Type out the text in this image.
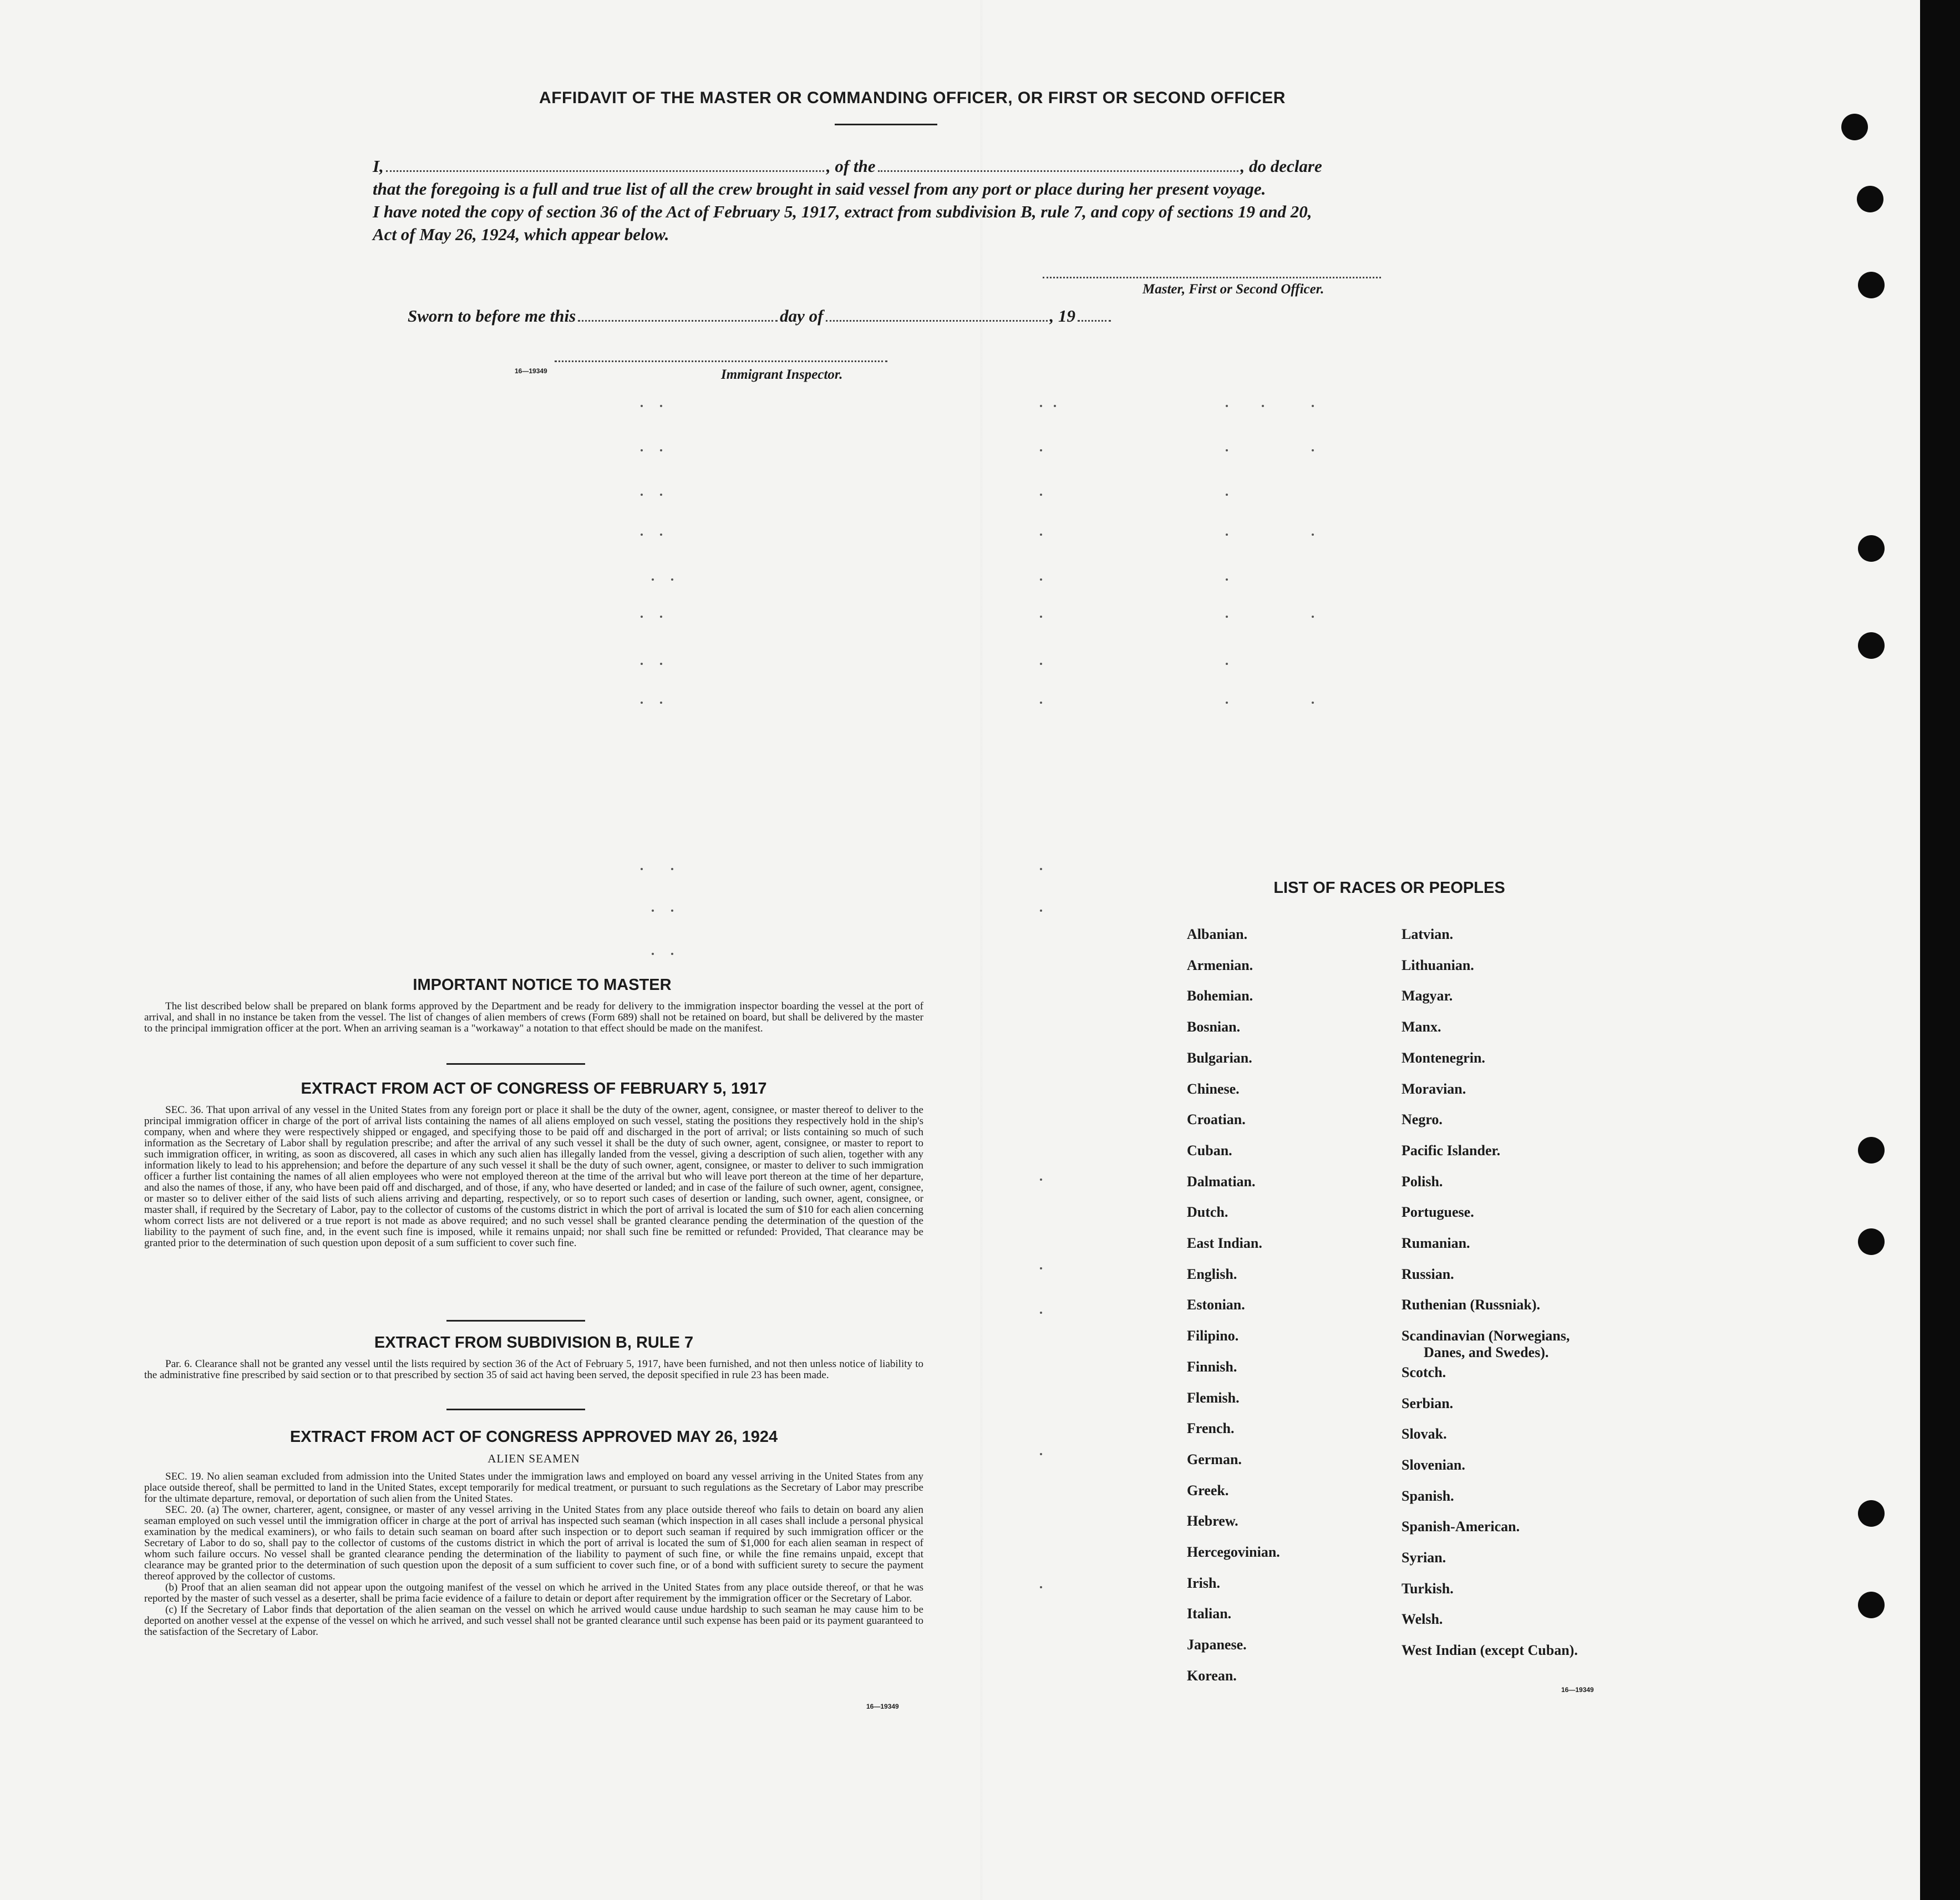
AFFIDAVIT OF THE MASTER OR COMMANDING OFFICER, OR FIRST OR SECOND OFFICER
I,	, of the	, do declare
that the foregoing is a full and true list of all the crew brought in said vessel from any port or place during her present voyage.
I have noted the copy of section 36 of the Act of February 5, 1917, extract from subdivision B, rule 7, and copy of sections 19 and 20,
Act of May 26, 1924, which appear below.
Master, First or Second Officer.
Sworn to before me this	day of	, 19
16—19349	Immigrant Inspector.
IMPORTANT NOTICE TO MASTER
The list described below shall be prepared on blank forms approved by the Department and be ready for delivery to the immigration inspector boarding the vessel at the port of arrival, and shall in no instance be taken from the vessel. The list of changes of alien members of crews (Form 689) shall not be retained on board, but shall be delivered by the master to the principal immigration officer at the port. When an arriving seaman is a "workaway" a notation to that effect should be made on the manifest.
EXTRACT FROM ACT OF CONGRESS OF FEBRUARY 5, 1917
SEC. 36. That upon arrival of any vessel in the United States from any foreign port or place it shall be the duty of the owner, agent, consignee, or master thereof to deliver to the principal immigration officer in charge of the port of arrival lists containing the names of all aliens employed on such vessel, stating the positions they respectively hold in the ship's company, when and where they were respectively shipped or engaged, and specifying those to be paid off and discharged in the port of arrival; or lists containing so much of such information as the Secretary of Labor shall by regulation prescribe; and after the arrival of any such vessel it shall be the duty of such owner, agent, consignee, or master to report to such immigration officer, in writing, as soon as discovered, all cases in which any such alien has illegally landed from the vessel, giving a description of such alien, together with any information likely to lead to his apprehension; and before the departure of any such vessel it shall be the duty of such owner, agent, consignee, or master to deliver to such immigration officer a further list containing the names of all alien employees who were not employed thereon at the time of the arrival but who will leave port thereon at the time of her departure, and also the names of those, if any, who have been paid off and discharged, and of those, if any, who have deserted or landed; and in case of the failure of such owner, agent, consignee, or master so to deliver either of the said lists of such aliens arriving and departing, respectively, or so to report such cases of desertion or landing, such owner, agent, consignee, or master shall, if required by the Secretary of Labor, pay to the collector of customs of the customs district in which the port of arrival is located the sum of $10 for each alien concerning whom correct lists are not delivered or a true report is not made as above required; and no such vessel shall be granted clearance pending the determination of the question of the liability to the payment of such fine, and, in the event such fine is imposed, while it remains unpaid; nor shall such fine be remitted or refunded: Provided, That clearance may be granted prior to the determination of such question upon deposit of a sum sufficient to cover such fine.
EXTRACT FROM SUBDIVISION B, RULE 7
Par. 6. Clearance shall not be granted any vessel until the lists required by section 36 of the Act of February 5, 1917, have been furnished, and not then unless notice of liability to the administrative fine prescribed by said section or to that prescribed by section 35 of said act having been served, the deposit specified in rule 23 has been made.
EXTRACT FROM ACT OF CONGRESS APPROVED MAY 26, 1924
ALIEN SEAMEN
SEC. 19. No alien seaman excluded from admission into the United States under the immigration laws and employed on board any vessel arriving in the United States from any place outside thereof, shall be permitted to land in the United States, except temporarily for medical treatment, or pursuant to such regulations as the Secretary of Labor may prescribe for the ultimate departure, removal, or deportation of such alien from the United States.
SEC. 20. (a) The owner, charterer, agent, consignee, or master of any vessel arriving in the United States from any place outside thereof who fails to detain on board any alien seaman employed on such vessel until the immigration officer in charge at the port of arrival has inspected such seaman (which inspection in all cases shall include a personal physical examination by the medical examiners), or who fails to detain such seaman on board after such inspection or to deport such seaman if required by such immigration officer or the Secretary of Labor to do so, shall pay to the collector of customs of the customs district in which the port of arrival is located the sum of $1,000 for each alien seaman in respect of whom such failure occurs. No vessel shall be granted clearance pending the determination of the liability to payment of such fine, or while the fine remains unpaid, except that clearance may be granted prior to the determination of such question upon the deposit of a sum sufficient to cover such fine, or of a bond with sufficient surety to secure the payment thereof approved by the collector of customs.
(b) Proof that an alien seaman did not appear upon the outgoing manifest of the vessel on which he arrived in the United States from any place outside thereof, or that he was reported by the master of such vessel as a deserter, shall be prima facie evidence of a failure to detain or deport after requirement by the immigration officer or the Secretary of Labor.
(c) If the Secretary of Labor finds that deportation of the alien seaman on the vessel on which he arrived would cause undue hardship to such seaman he may cause him to be deported on another vessel at the expense of the vessel on which he arrived, and such vessel shall not be granted clearance until such expense has been paid or its payment guaranteed to the satisfaction of the Secretary of Labor.
16—19349
LIST OF RACES OR PEOPLES
16—19349
Albanian.
Armenian.
Bohemian.
Bosnian.
Bulgarian.
Chinese.
Croatian.
Cuban.
Dalmatian.
Dutch.
East Indian.
English.
Estonian.
Filipino.
Finnish.
Flemish.
French.
German.
Greek.
Hebrew.
Hercegovinian.
Irish.
Italian.
Japanese.
Korean.
Latvian.
Lithuanian.
Magyar.
Manx.
Montenegrin.
Moravian.
Negro.
Pacific Islander.
Polish.
Portuguese.
Rumanian.
Russian.
Ruthenian (Russniak).
Scandinavian (Norwegians,
Danes, and Swedes).
Scotch.
Serbian.
Slovak.
Slovenian.
Spanish.
Spanish-American.
Syrian.
Turkish.
Welsh.
West Indian (except Cuban).
